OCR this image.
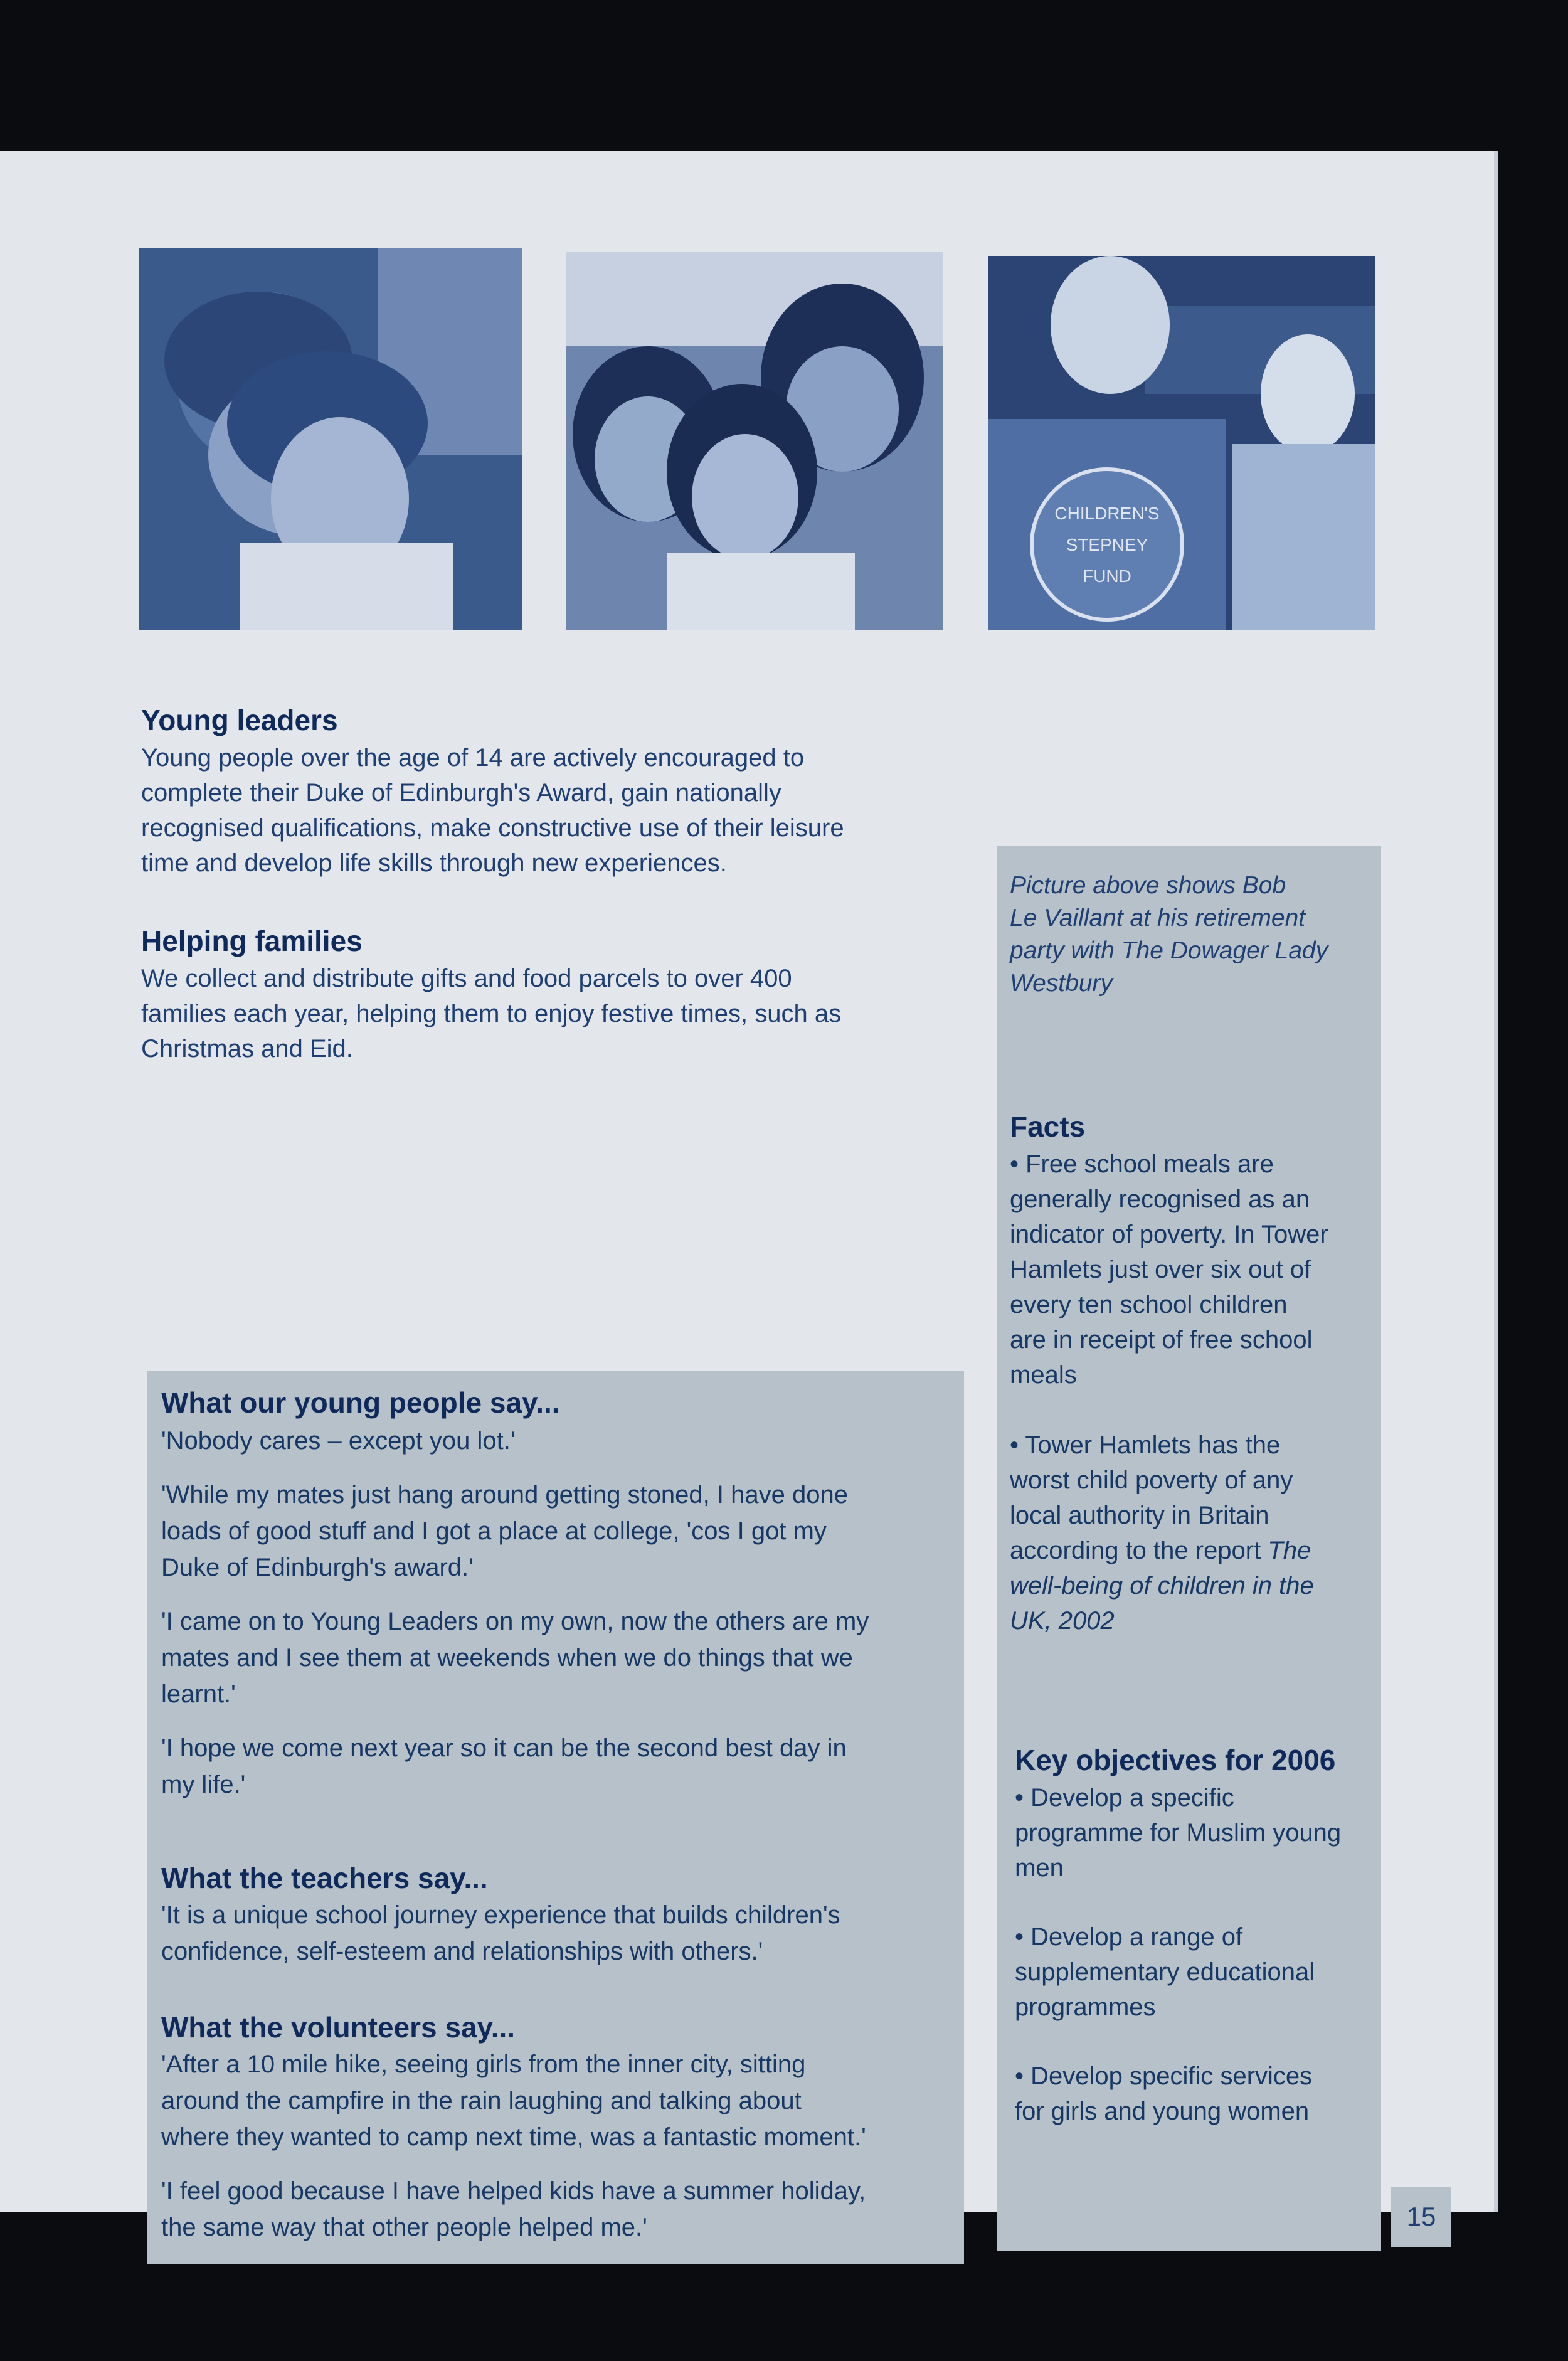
CHILDREN'S
STEPNEY
FUND
Young leaders

Young people over the age of 14 are actively encouraged to

complete their Duke of Edinburgh's Award, gain nationally

recognised qualifications, make constructive use of their leisure

time and develop life skills through new experiences.

Helping families

We collect and distribute gifts and food parcels to over 400

families each year, helping them to enjoy festive times, such as

Christmas and Eid.

What our young people say...

'Nobody cares – except you lot.'

'While my mates just hang around getting stoned, I have done

loads of good stuff and I got a place at college, 'cos I got my

Duke of Edinburgh's award.'

'I came on to Young Leaders on my own, now the others are my

mates and I see them at weekends when we do things that we

learnt.'

'I hope we come next year so it can be the second best day in

my life.'

What the teachers say...

'It is a unique school journey experience that builds children's

confidence, self-esteem and relationships with others.'

What the volunteers say...

'After a 10 mile hike, seeing girls from the inner city, sitting

around the campfire in the rain laughing and talking about

where they wanted to camp next time, was a fantastic moment.'

'I feel good because I have helped kids have a summer holiday,

the same way that other people helped me.'

Picture above shows Bob

Le Vaillant at his retirement

party with The Dowager Lady

Westbury

Facts

• Free school meals are

generally recognised as an

indicator of poverty. In Tower

Hamlets just over six out of

every ten school children

are in receipt of free school

meals

• Tower Hamlets has the

worst child poverty of any

local authority in Britain

according to the report The

well-being of children in the

UK, 2002

Key objectives for 2006

• Develop a specific

programme for Muslim young

men

• Develop a range of

supplementary educational

programmes

• Develop specific services

for girls and young women

15
